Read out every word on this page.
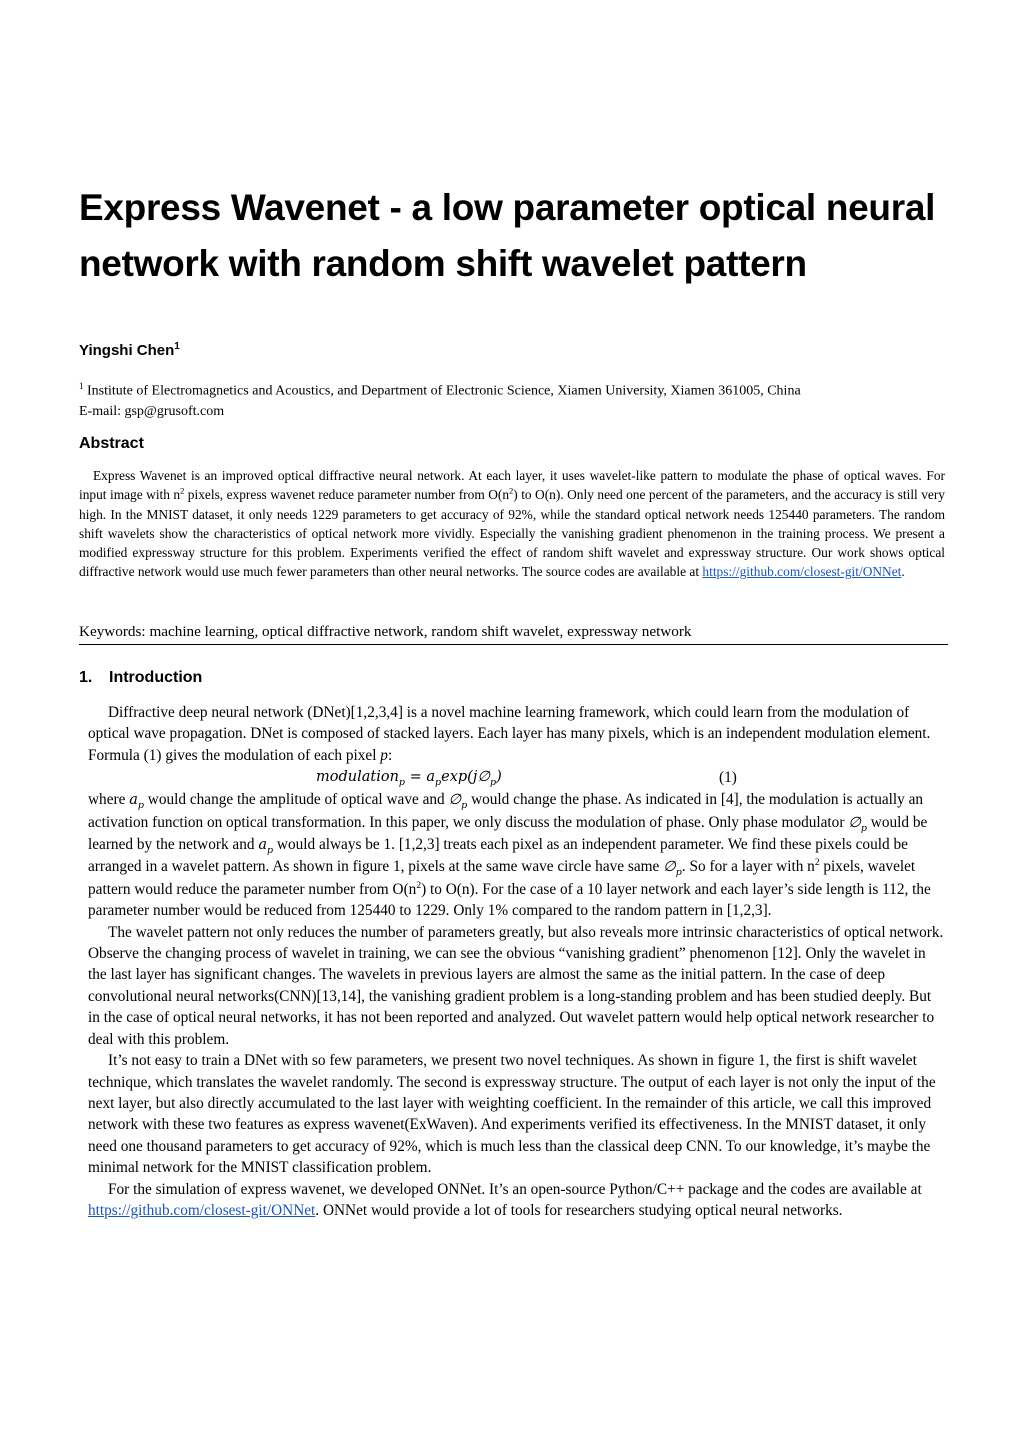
Express Wavenet - a low parameter optical neural
network with random shift wavelet pattern
Yingshi Chen$^1$
$^1$ Institute of Electromagnetics and Acoustics, and Department of Electronic Science, Xiamen University, Xiamen 361005, China
E-mail: gsp@grusoft.com
Abstract
Express Wavenet is an improved optical diffractive neural network. At each layer, it uses wavelet-like pattern to modulate the phase of optical waves. For input image with $n^2$ pixels, express wavenet reduce parameter number from $O(n^2)$ to O(n). Only need one percent of the parameters, and the accuracy is still very high. In the MNIST dataset, it only needs 1229 parameters to get accuracy of 92%, while the standard optical network needs 125440 parameters. The random shift wavelets show the characteristics of optical network more vividly. Especially the vanishing gradient phenomenon in the training process. We present a modified expressway structure for this problem. Experiments verified the effect of random shift wavelet and expressway structure. Our work shows optical diffractive network would use much fewer parameters than other neural networks. The source codes are available at https://github.com/closest-git/ONNet.
Keywords: machine learning, optical diffractive network, random shift wavelet, expressway network
1. Introduction

Diffractive deep neural network (DNet)[1,2,3,4] is a novel machine learning framework, which could learn from the modulation of optical wave propagation. DNet is composed of stacked layers. Each layer has many pixels, which is an independent modulation element. Formula (1) gives the modulation of each pixel p:

modulation$_p$ = $a_p\exp(j\emptyset_p)$	(1)

where $a_p$ would change the amplitude of optical wave and $\emptyset_p$ would change the phase. As indicated in [4], the modulation is actually an activation function on optical transformation. In this paper, we only discuss the modulation of phase. Only phase modulator $\emptyset_p$ would be learned by the network and $a_p$ would always be 1. [1,2,3] treats each pixel as an independent parameter. We find these pixels could be arranged in a wavelet pattern. As shown in figure 1, pixels at the same wave circle have same $\emptyset_p$. So for a layer with $n^2$ pixels, wavelet pattern would reduce the parameter number from $O(n^2)$ to O(n). For the case of a 10 layer network and each layer’s side length is 112, the parameter number would be reduced from 125440 to 1229. Only 1% compared to the random pattern in [1,2,3].

The wavelet pattern not only reduces the number of parameters greatly, but also reveals more intrinsic characteristics of optical network. Observe the changing process of wavelet in training, we can see the obvious “vanishing gradient” phenomenon [12]. Only the wavelet in the last layer has significant changes. The wavelets in previous layers are almost the same as the initial pattern. In the case of deep convolutional neural networks(CNN)[13,14], the vanishing gradient problem is a long-standing problem and has been studied deeply. But in the case of optical neural networks, it has not been reported and analyzed. Out wavelet pattern would help optical network researcher to deal with this problem.

It’s not easy to train a DNet with so few parameters, we present two novel techniques. As shown in figure 1, the first is shift wavelet technique, which translates the wavelet randomly. The second is expressway structure. The output of each layer is not only the input of the next layer, but also directly accumulated to the last layer with weighting coefficient. In the remainder of this article, we call this improved network with these two features as express wavenet(ExWaven). And experiments verified its effectiveness. In the MNIST dataset, it only need one thousand parameters to get accuracy of 92%, which is much less than the classical deep CNN. To our knowledge, it’s maybe the minimal network for the MNIST classification problem.

For the simulation of express wavenet, we developed ONNet. It’s an open-source Python/C++ package and the codes are available at https://github.com/closest-git/ONNet. ONNet would provide a lot of tools for researchers studying optical neural networks.
